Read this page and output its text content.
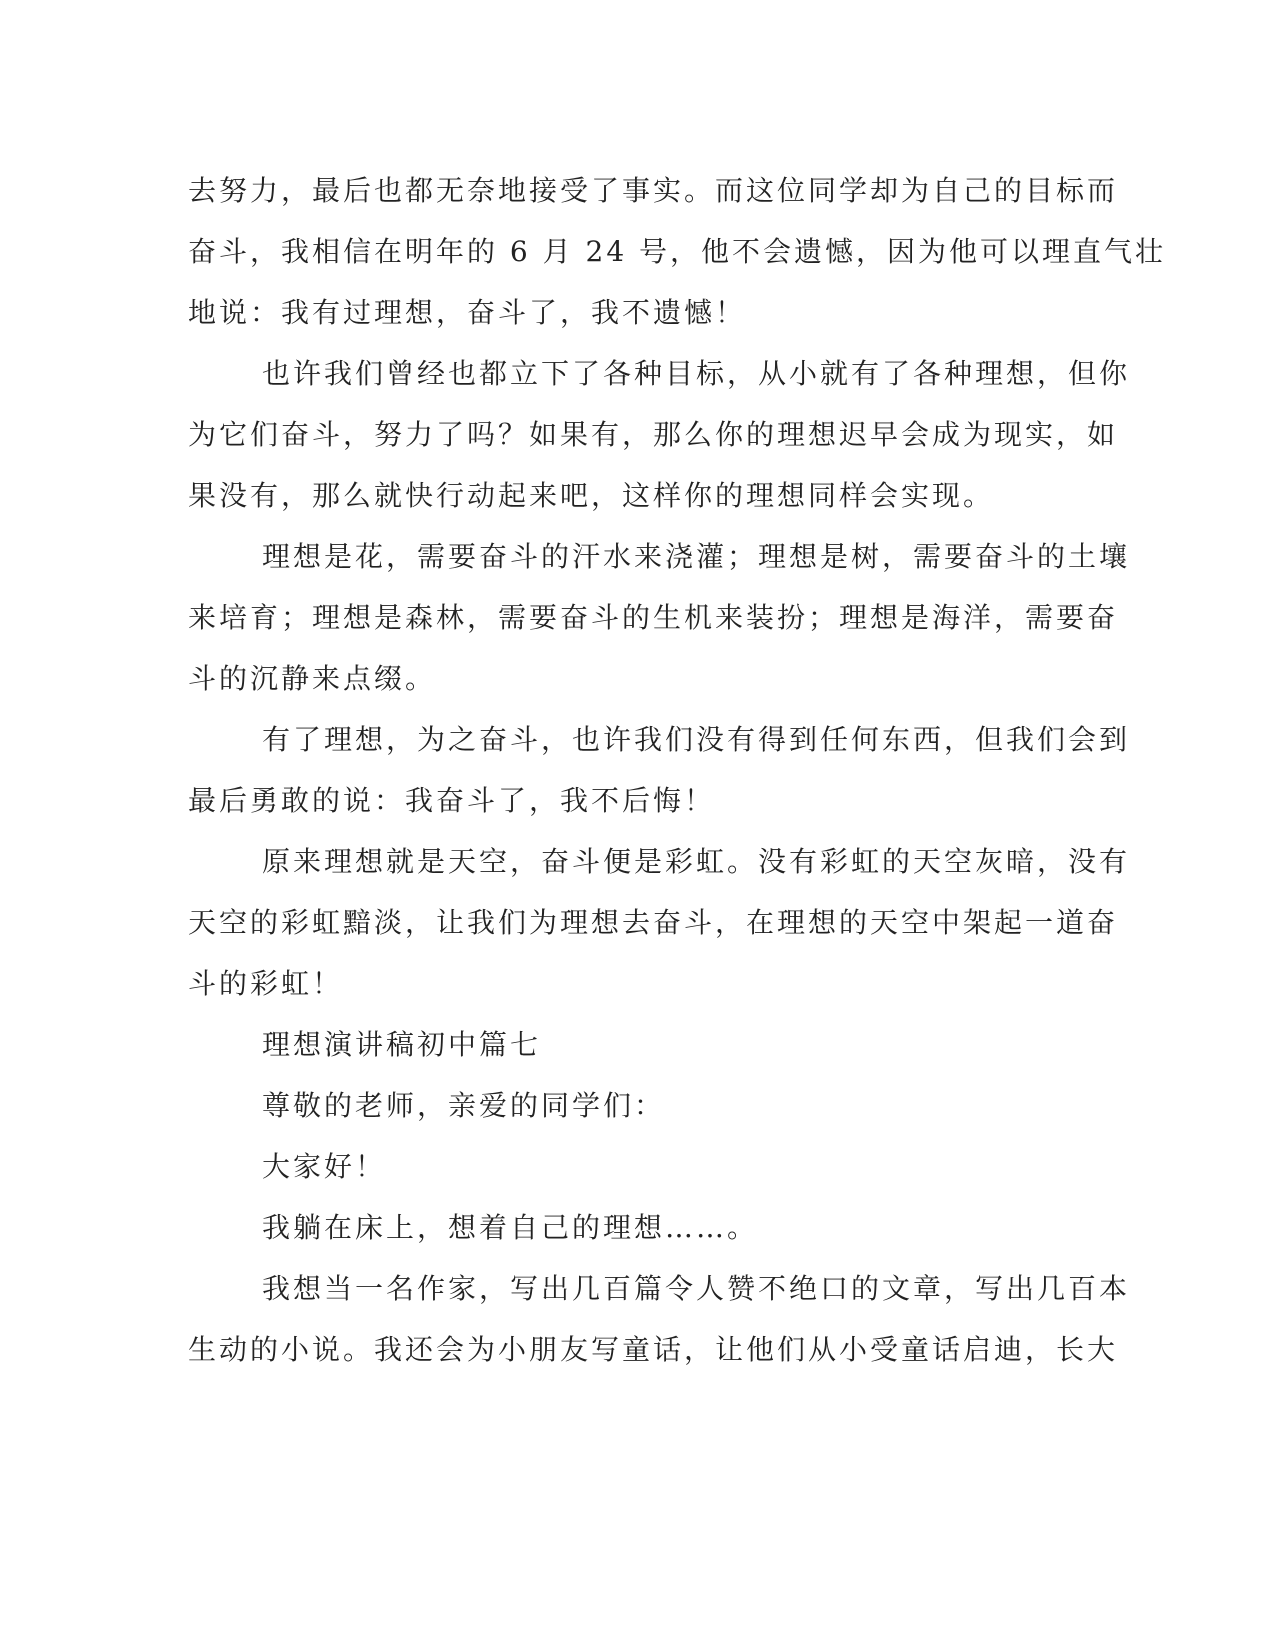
去努力，最后也都无奈地接受了事实。而这位同学却为自己的目标而
奋斗，我相信在明年的 6 月 24 号，他不会遗憾，因为他可以理直气壮
地说：我有过理想，奋斗了，我不遗憾！
也许我们曾经也都立下了各种目标，从小就有了各种理想，但你
为它们奋斗，努力了吗？如果有，那么你的理想迟早会成为现实，如
果没有，那么就快行动起来吧，这样你的理想同样会实现。
理想是花，需要奋斗的汗水来浇灌；理想是树，需要奋斗的土壤
来培育；理想是森林，需要奋斗的生机来装扮；理想是海洋，需要奋
斗的沉静来点缀。
有了理想，为之奋斗，也许我们没有得到任何东西，但我们会到
最后勇敢的说：我奋斗了，我不后悔！
原来理想就是天空，奋斗便是彩虹。没有彩虹的天空灰暗，没有
天空的彩虹黯淡，让我们为理想去奋斗，在理想的天空中架起一道奋
斗的彩虹！
理想演讲稿初中篇七
尊敬的老师，亲爱的同学们：
大家好！
我躺在床上，想着自己的理想……。
我想当一名作家，写出几百篇令人赞不绝口的文章，写出几百本
生动的小说。我还会为小朋友写童话，让他们从小受童话启迪，长大
